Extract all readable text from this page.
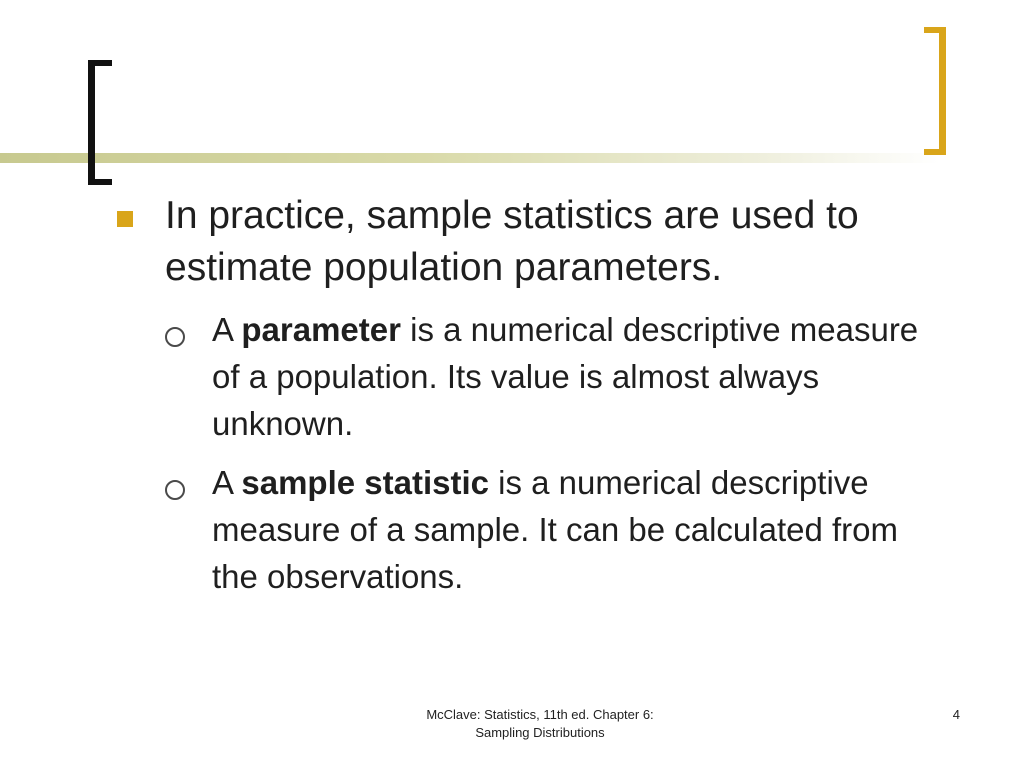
In practice, sample statistics are used to estimate population parameters.
A parameter is a numerical descriptive measure of a population. Its value is almost always unknown.
A sample statistic is a numerical descriptive measure of a sample. It can be calculated from the observations.
McClave: Statistics, 11th ed. Chapter 6:
Sampling Distributions
4
